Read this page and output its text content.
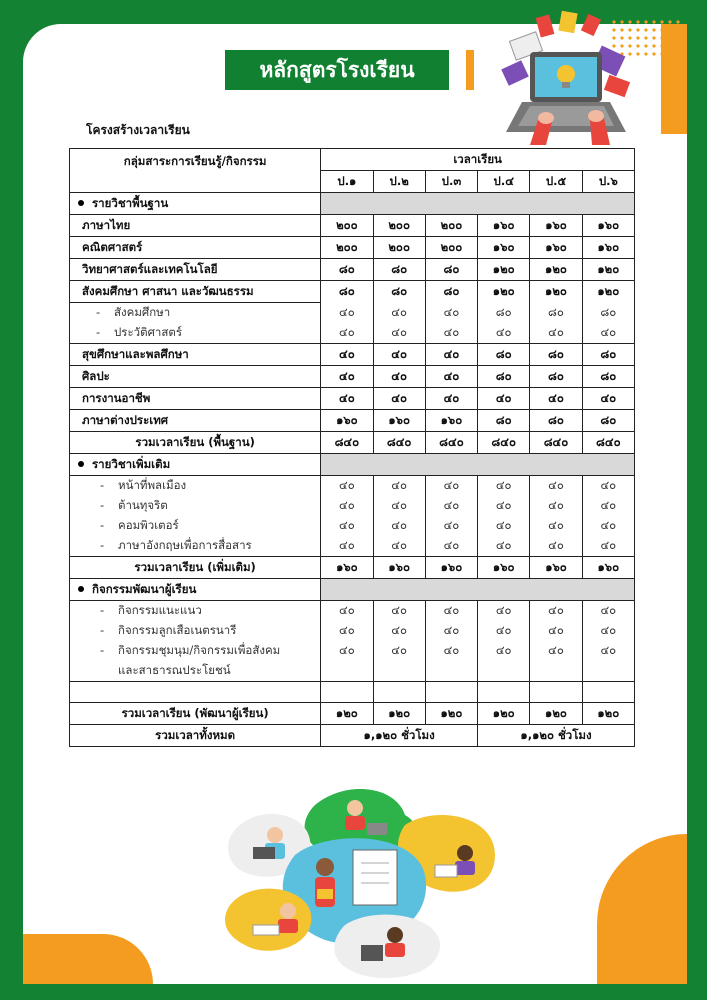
หลักสูตรโรงเรียน
โครงสร้างเวลาเรียน
กลุ่มสาระการเรียนรู้/กิจกรรม	เวลาเรียน					
	ป.๑	ป.๒	ป.๓	ป.๔	ป.๕	ป.๖
รายวิชาพื้นฐาน						
ภาษาไทย	๒๐๐	๒๐๐	๒๐๐	๑๖๐	๑๖๐	๑๖๐
คณิตศาสตร์	๒๐๐	๒๐๐	๒๐๐	๑๖๐	๑๖๐	๑๖๐
วิทยาศาสตร์และเทคโนโลยี	๘๐	๘๐	๘๐	๑๒๐	๑๒๐	๑๒๐
สังคมศึกษา ศาสนา และวัฒนธรรม	๘๐	๘๐	๘๐	๑๒๐	๑๒๐	๑๒๐
- สังคมศึกษา	๔๐	๔๐	๔๐	๘๐	๘๐	๘๐
- ประวัติศาสตร์	๔๐	๔๐	๔๐	๔๐	๔๐	๔๐
สุขศึกษาและพลศึกษา	๔๐	๔๐	๔๐	๘๐	๘๐	๘๐
ศิลปะ	๔๐	๔๐	๔๐	๘๐	๘๐	๘๐
การงานอาชีพ	๔๐	๔๐	๔๐	๔๐	๔๐	๔๐
ภาษาต่างประเทศ	๑๖๐	๑๖๐	๑๖๐	๘๐	๘๐	๘๐
รวมเวลาเรียน (พื้นฐาน)	๘๔๐	๘๔๐	๘๔๐	๘๔๐	๘๔๐	๘๔๐
รายวิชาเพิ่มเติม						
- หน้าที่พลเมือง	๔๐	๔๐	๔๐	๔๐	๔๐	๔๐
- ต้านทุจริต	๔๐	๔๐	๔๐	๔๐	๔๐	๔๐
- คอมพิวเตอร์	๔๐	๔๐	๔๐	๔๐	๔๐	๔๐
- ภาษาอังกฤษเพื่อการสื่อสาร	๔๐	๔๐	๔๐	๔๐	๔๐	๔๐
รวมเวลาเรียน (เพิ่มเติม)	๑๖๐	๑๖๐	๑๖๐	๑๖๐	๑๖๐	๑๖๐
กิจกรรมพัฒนาผู้เรียน						
- กิจกรรมแนะแนว	๔๐	๔๐	๔๐	๔๐	๔๐	๔๐
- กิจกรรมลูกเสือเนตรนารี	๔๐	๔๐	๔๐	๔๐	๔๐	๔๐
- กิจกรรมชุมนุม/กิจกรรมเพื่อสังคม	๔๐	๔๐	๔๐	๔๐	๔๐	๔๐
และสาธารณประโยชน์						

รวมเวลาเรียน (พัฒนาผู้เรียน)	๑๒๐	๑๒๐	๑๒๐	๑๒๐	๑๒๐	๑๒๐
รวมเวลาทั้งหมด	๑,๑๒๐ ชั่วโมง			๑,๑๒๐ ชั่วโมง		
